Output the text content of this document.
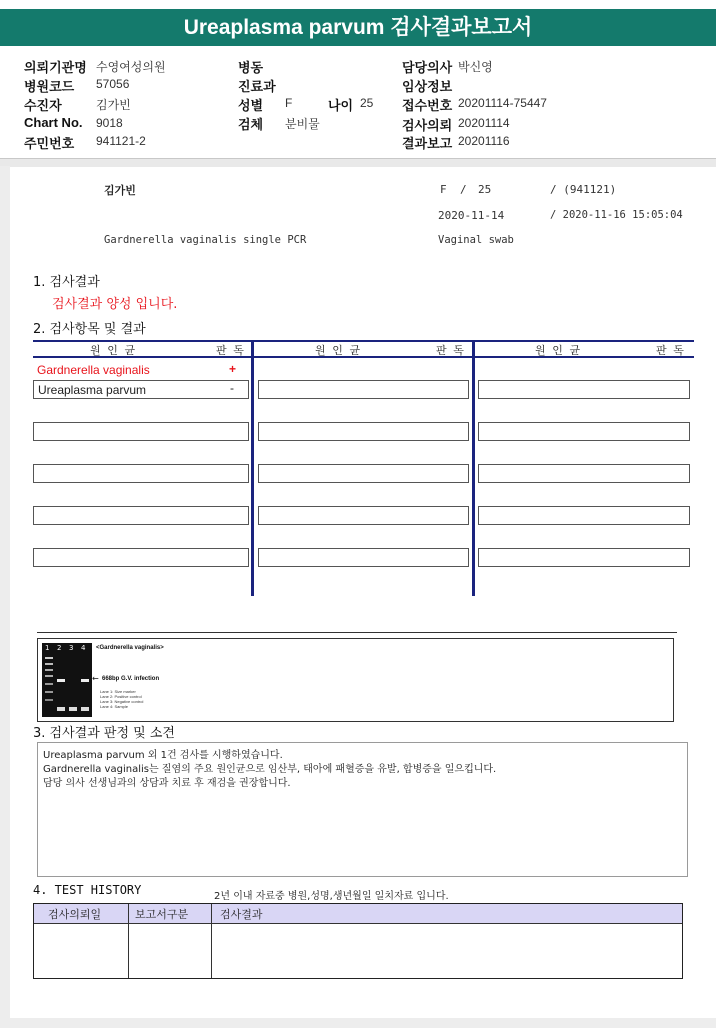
Ureaplasma parvum 검사결과보고서
의뢰기관명 수영여성의원
병원코드 57056
수진자	김가빈
Chart No. 9018
주민번호 941121-2
병동
진료과
성별 F	나이 25
검체 분비물
담당의사 박신영
임상정보
접수번호 20201114-75447
검사의뢰 20201114
결과보고 20201116
김가빈	F / 25	/ (941121)
2020-11-14	/ 2020-11-16 15:05:04
Gardnerella vaginalis single PCR	Vaginal swab
1. 검사결과
검사결과 양성 입니다.
2. 검사항목 및 결과
원 인 균	판 독	원 인 균	판 독	원 인 균	판 독
Gardnerella vaginalis	+
Ureaplasma parvum	-
1 2 3 4 <Gardnerella vaginalis>
← 668bp G.V. infection
Lane 1: Size marker
Lane 2: Positive control
Lane 3: Negative control
Lane 4: Sample
3. 검사결과 판정 및 소견
Ureaplasma parvum 외 1건 검사를 시행하였습니다.
Gardnerella vaginalis는 질염의 주요 원인균으로 임산부, 태아에 패혈증을 유발, 합병증을 일으킵니다.
담당 의사 선생님과의 상담과 치료 후 재검을 권장합니다.
4. TEST HISTORY	2년 이내 자료중 병원,성명,생년월일 일치자료 입니다.
검사의뢰일	보고서구분	검사결과
